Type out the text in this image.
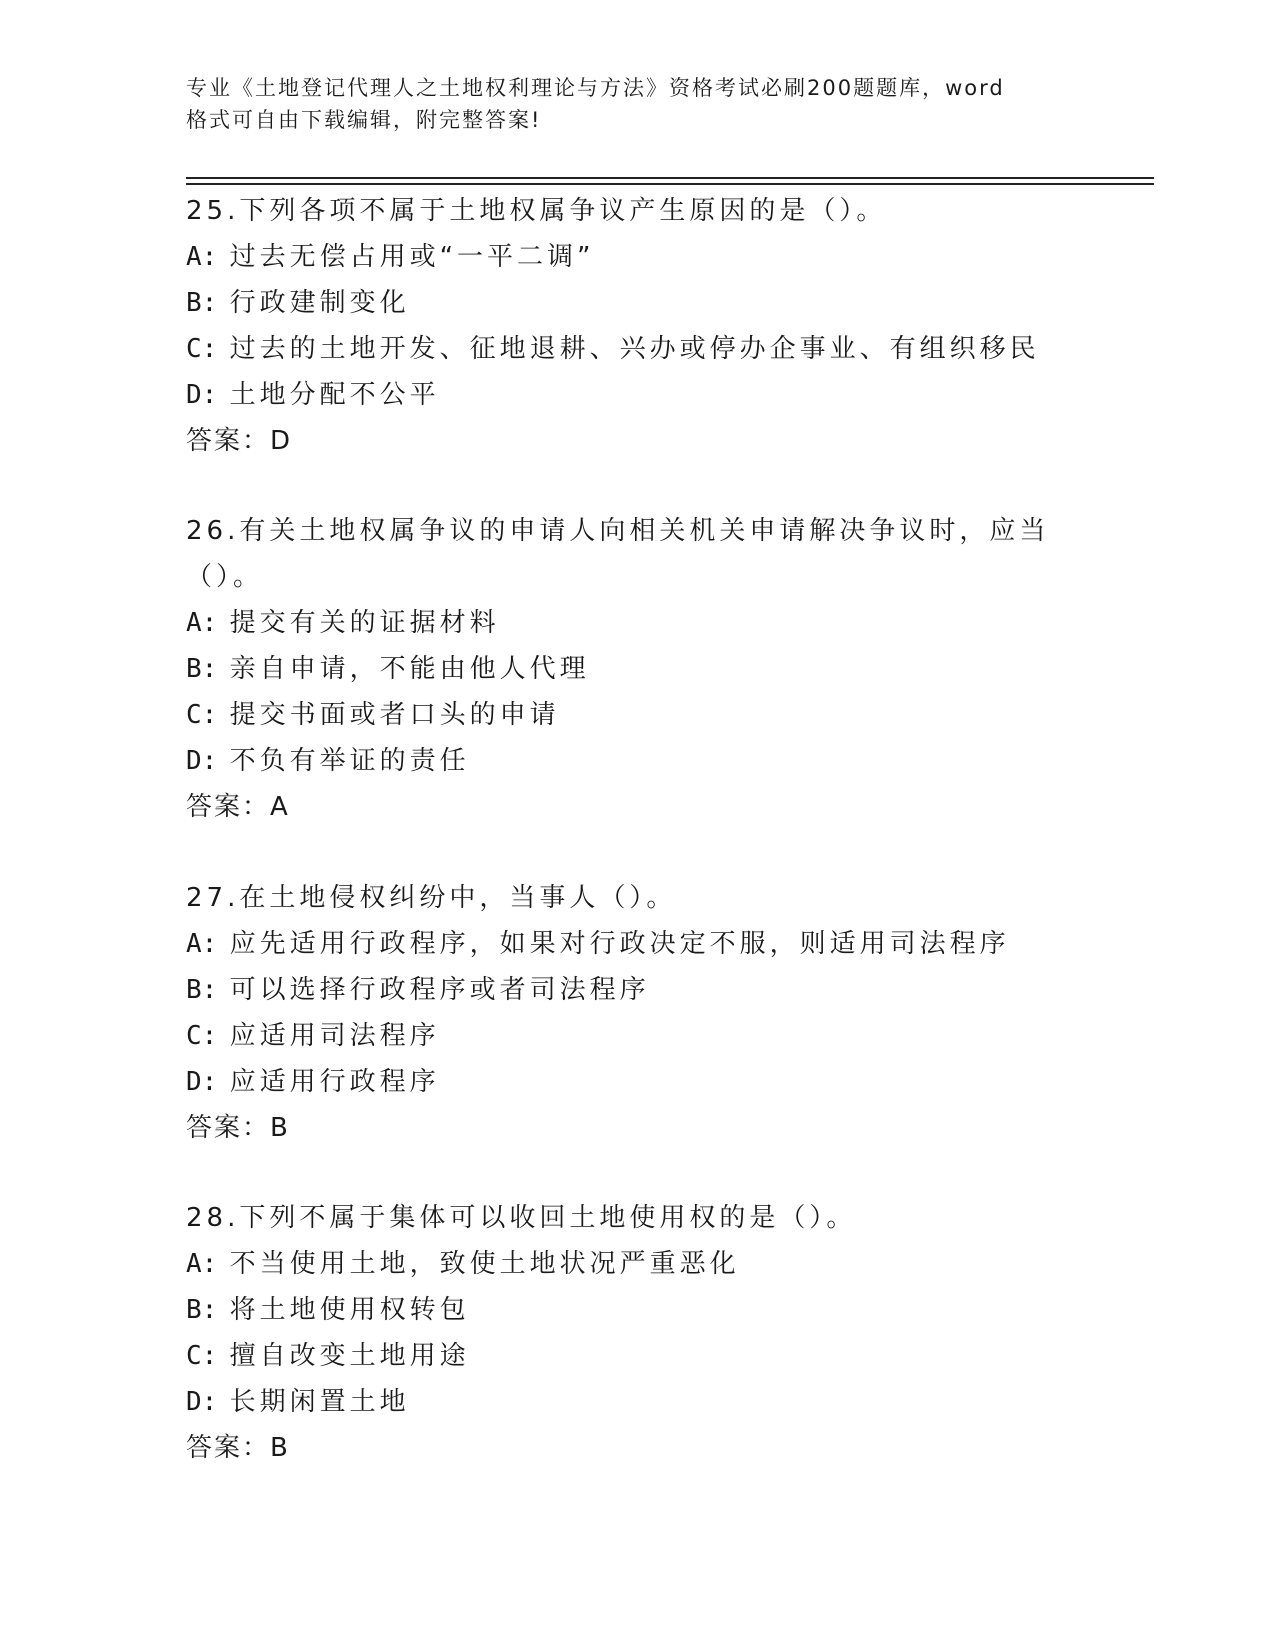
专业《土地登记代理人之土地权利理论与方法》资格考试必刷200题题库，word
格式可自由下载编辑，附完整答案!

25.下列各项不属于土地权属争议产生原因的是（）。

A: 过去无偿占用或“一平二调”
B: 行政建制变化
C: 过去的土地开发、征地退耕、兴办或停办企事业、有组织移民
D: 土地分配不公平
答案：D

26.有关土地权属争议的申请人向相关机关申请解决争议时，应当（）。

A: 提交有关的证据材料
B: 亲自申请，不能由他人代理
C: 提交书面或者口头的申请
D: 不负有举证的责任
答案：A

27.在土地侵权纠纷中，当事人（）。

A: 应先适用行政程序，如果对行政决定不服，则适用司法程序
B: 可以选择行政程序或者司法程序
C: 应适用司法程序
D: 应适用行政程序
答案：B

28.下列不属于集体可以收回土地使用权的是（）。

A: 不当使用土地，致使土地状况严重恶化
B: 将土地使用权转包
C: 擅自改变土地用途
D: 长期闲置土地
答案：B
